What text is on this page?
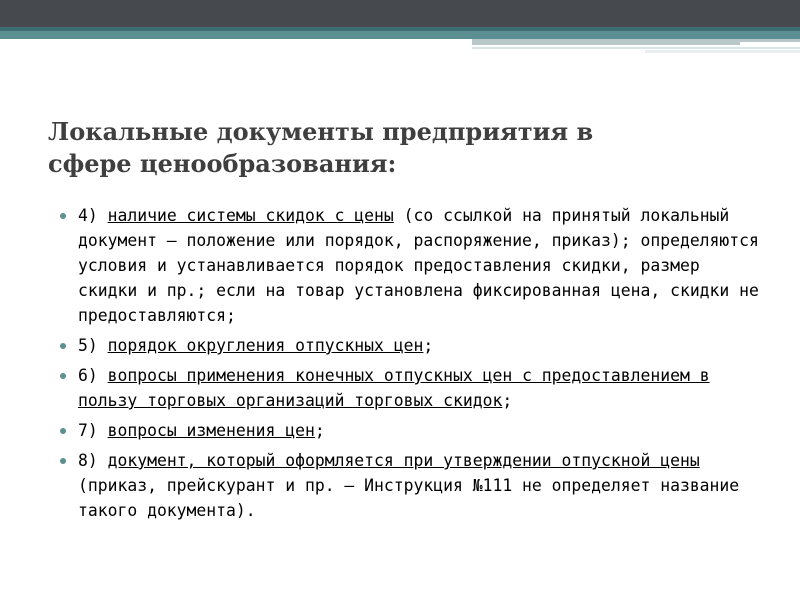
Локальные документы предприятия в
сфере ценообразования:
4) наличие системы скидок с цены (со ссылкой на принятый локальный документ – положение или порядок, распоряжение, приказ); определяются условия и устанавливается порядок предоставления скидки, размер скидки и пр.; если на товар установлена фиксированная цена, скидки не предоставляются;
5) порядок округления отпускных цен;
6) вопросы применения конечных отпускных цен с предоставлением в пользу торговых организаций торговых скидок;
7) вопросы изменения цен;
8) документ, который оформляется при утверждении отпускной цены (приказ, прейскурант и пр. – Инструкция №111 не определяет название такого документа).
